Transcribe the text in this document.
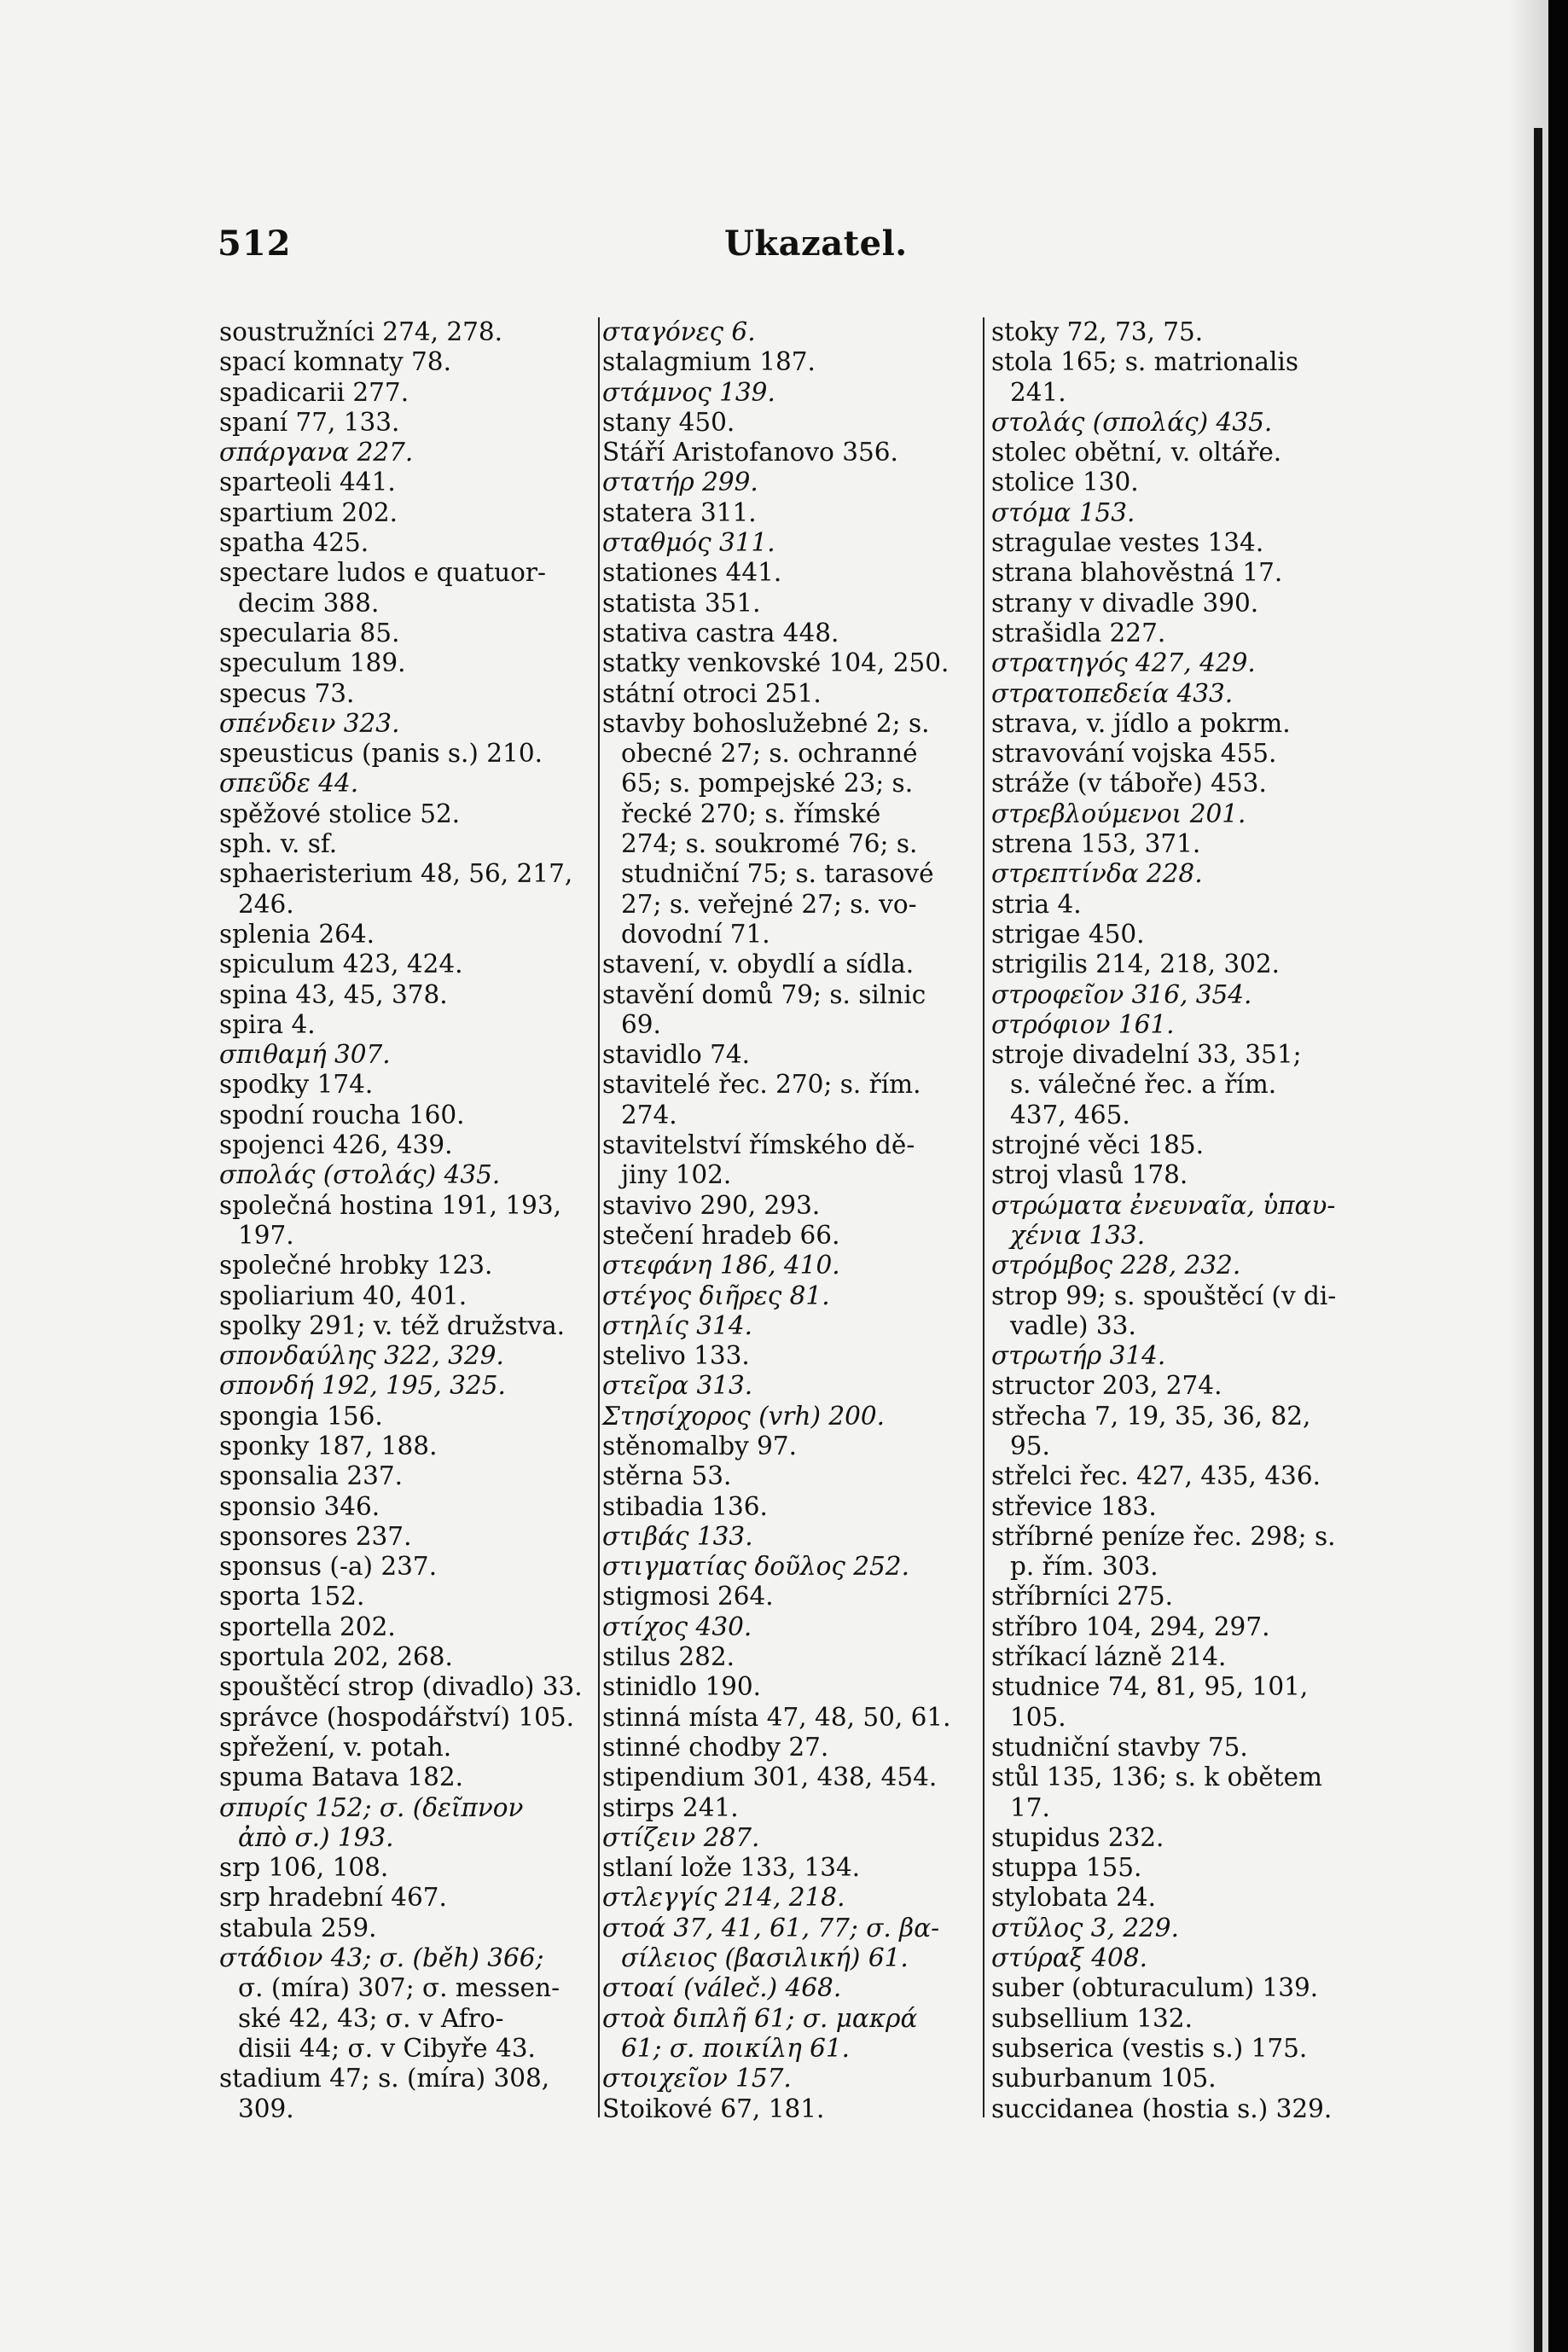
512	Ukazatel.
soustružníci 274, 278.
spací komnaty 78.
spadicarii 277.
spaní 77, 133.
σπάργανα 227.
sparteoli 441.
spartium 202.
spatha 425.
spectare ludos e quatuor-
decim 388.
specularia 85.
speculum 189.
specus 73.
σπένδειν 323.
speusticus (panis s.) 210.
σπεῦδε 44.
spěžové stolice 52.
sph. v. sf.
sphaeristerium 48, 56, 217,
246.
splenia 264.
spiculum 423, 424.
spina 43, 45, 378.
spira 4.
σπιθαμή 307.
spodky 174.
spodní roucha 160.
spojenci 426, 439.
σπολάς (στολάς) 435.
společná hostina 191, 193,
197.
společné hrobky 123.
spoliarium 40, 401.
spolky 291; v. též družstva.
σπονδαύλης 322, 329.
σπονδή 192, 195, 325.
spongia 156.
sponky 187, 188.
sponsalia 237.
sponsio 346.
sponsores 237.
sponsus (-a) 237.
sporta 152.
sportella 202.
sportula 202, 268.
spouštěcí strop (divadlo) 33.
správce (hospodářství) 105.
spřežení, v. potah.
spuma Batava 182.
σπυρίς 152; σ. (δεῖπνον
ἀπὸ σ.) 193.
srp 106, 108.
srp hradební 467.
stabula 259.
στάδιον 43; σ. (běh) 366;
σ. (míra) 307; σ. messen-
ské 42, 43; σ. v Afro-
disii 44; σ. v Cibyře 43.
stadium 47; s. (míra) 308,
309.
σταγόνες 6.
stalagmium 187.
στάμνος 139.
stany 450.
Stáří Aristofanovo 356.
στατήρ 299.
statera 311.
σταθμός 311.
stationes 441.
statista 351.
stativa castra 448.
statky venkovské 104, 250.
státní otroci 251.
stavby bohoslužebné 2; s.
obecné 27; s. ochranné
65; s. pompejské 23; s.
řecké 270; s. římské
274; s. soukromé 76; s.
studniční 75; s. tarasové
27; s. veřejné 27; s. vo-
dovodní 71.
stavení, v. obydlí a sídla.
stavění domů 79; s. silnic
69.
stavidlo 74.
stavitelé řec. 270; s. řím.
274.
stavitelství římského dě-
jiny 102.
stavivo 290, 293.
stečení hradeb 66.
στεφάνη 186, 410.
στέγος διῆρες 81.
στηλίς 314.
stelivo 133.
στεῖρα 313.
Στησίχορος (vrh) 200.
stěnomalby 97.
stěrna 53.
stibadia 136.
στιβάς 133.
στιγματίας δοῦλος 252.
stigmosi 264.
στίχος 430.
stilus 282.
stinidlo 190.
stinná místa 47, 48, 50, 61.
stinné chodby 27.
stipendium 301, 438, 454.
stirps 241.
στίζειν 287.
stlaní lože 133, 134.
στλεγγίς 214, 218.
στοά 37, 41, 61, 77; σ. βα-
σίλειος (βασιλική) 61.
στοαί (váleč.) 468.
στοὰ διπλῆ 61; σ. μακρά
61; σ. ποικίλη 61.
στοιχεῖον 157.
Stoikové 67, 181.
stoky 72, 73, 75.
stola 165; s. matrionalis
241.
στολάς (σπολάς) 435.
stolec obětní, v. oltáře.
stolice 130.
στόμα 153.
stragulae vestes 134.
strana blahověstná 17.
strany v divadle 390.
strašidla 227.
στρατηγός 427, 429.
στρατοπεδεία 433.
strava, v. jídlo a pokrm.
stravování vojska 455.
stráže (v táboře) 453.
στρεβλούμενοι 201.
strena 153, 371.
στρεπτίνδα 228.
stria 4.
strigae 450.
strigilis 214, 218, 302.
στροφεῖον 316, 354.
στρόφιον 161.
stroje divadelní 33, 351;
s. válečné řec. a řím.
437, 465.
strojné věci 185.
stroj vlasů 178.
στρώματα ἐνευναῖα, ὑπαυ-
χένια 133.
στρόμβος 228, 232.
strop 99; s. spouštěcí (v di-
vadle) 33.
στρωτήρ 314.
structor 203, 274.
střecha 7, 19, 35, 36, 82,
95.
střelci řec. 427, 435, 436.
střevice 183.
stříbrné peníze řec. 298; s.
p. řím. 303.
stříbrníci 275.
stříbro 104, 294, 297.
stříkací lázně 214.
studnice 74, 81, 95, 101,
105.
studniční stavby 75.
stůl 135, 136; s. k obětem
17.
stupidus 232.
stuppa 155.
stylobata 24.
στῦλος 3, 229.
στύραξ 408.
suber (obturaculum) 139.
subsellium 132.
subserica (vestis s.) 175.
suburbanum 105.
succidanea (hostia s.) 329.
